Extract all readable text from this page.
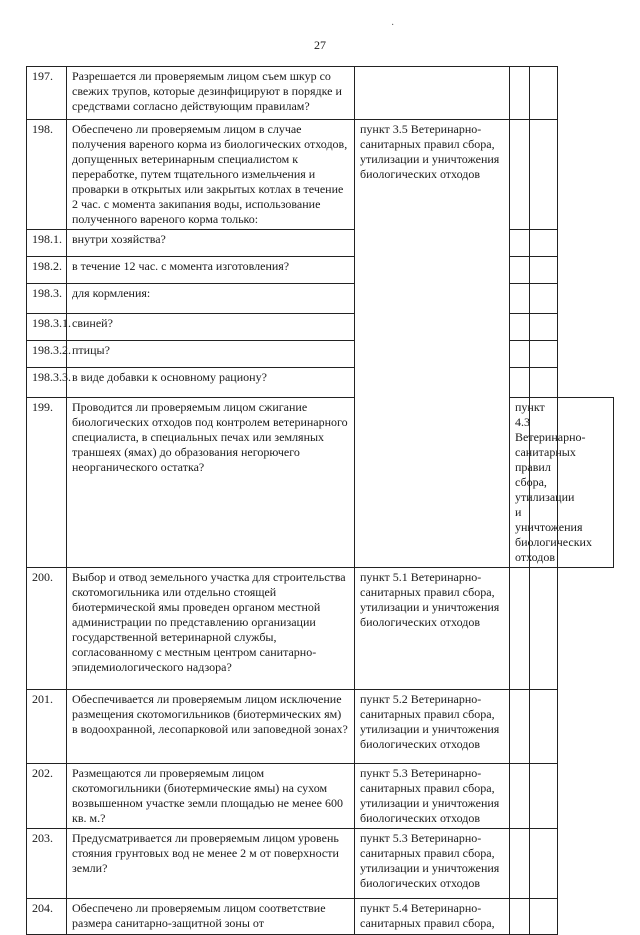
·
27
197.	Разрешается ли проверяемым лицом съем шкур со свежих трупов, которые дезинфицируют в порядке и средствами согласно действующим правилам?				
198.	Обеспечено ли проверяемым лицом в случае получения вареного корма из биологических отходов, допущенных ветеринарным специалистом к переработке, путем тщательного измельчения и проварки в открытых или закрытых котлах в течение 2 час. с момента закипания воды, использование полученного вареного корма только:	пункт 3.5 Ветеринарно-санитарных правил сбора, утилизации и уничтожения биологических отходов			
198.1.	внутри хозяйства?				
198.2.	в течение 12 час. с момента изготовления?				
198.3.	для кормления:				
198.3.1.	свиней?				
198.3.2.	птицы?				
198.3.3.	в виде добавки к основному рациону?				
199.	Проводится ли проверяемым лицом сжигание биологических отходов под контролем ветеринарного специалиста, в специальных печах или земляных траншеях (ямах) до образования негорючего неорганического остатка?		пункт 4.3 Ветеринарно-санитарных правил сбора, утилизации и уничтожения биологических отходов		
200.	Выбор и отвод земельного участка для строительства скотомогильника или отдельно стоящей биотермической ямы проведен органом местной администрации по представлению организации государственной ветеринарной службы, согласованному с местным центром санитарно-эпидемиологического надзора?	пункт 5.1 Ветеринарно-санитарных правил сбора, утилизации и уничтожения биологических отходов			
201.	Обеспечивается ли проверяемым лицом исключение размещения скотомогильников (биотермических ям) в водоохранной, лесопарковой или заповедной зонах?	пункт 5.2 Ветеринарно-санитарных правил сбора, утилизации и уничтожения биологических отходов			
202.	Размещаются ли проверяемым лицом скотомогильники (биотермические ямы) на сухом возвышенном участке земли площадью не менее 600 кв. м.?	пункт 5.3 Ветеринарно-санитарных правил сбора, утилизации и уничтожения биологических отходов			
203.	Предусматривается ли проверяемым лицом уровень стояния грунтовых вод не менее 2 м от поверхности земли?	пункт 5.3 Ветеринарно-санитарных правил сбора, утилизации и уничтожения биологических отходов			
204.	Обеспечено ли проверяемым лицом соответствие размера санитарно-защитной зоны от	пункт 5.4 Ветеринарно-санитарных правил сбора,			
